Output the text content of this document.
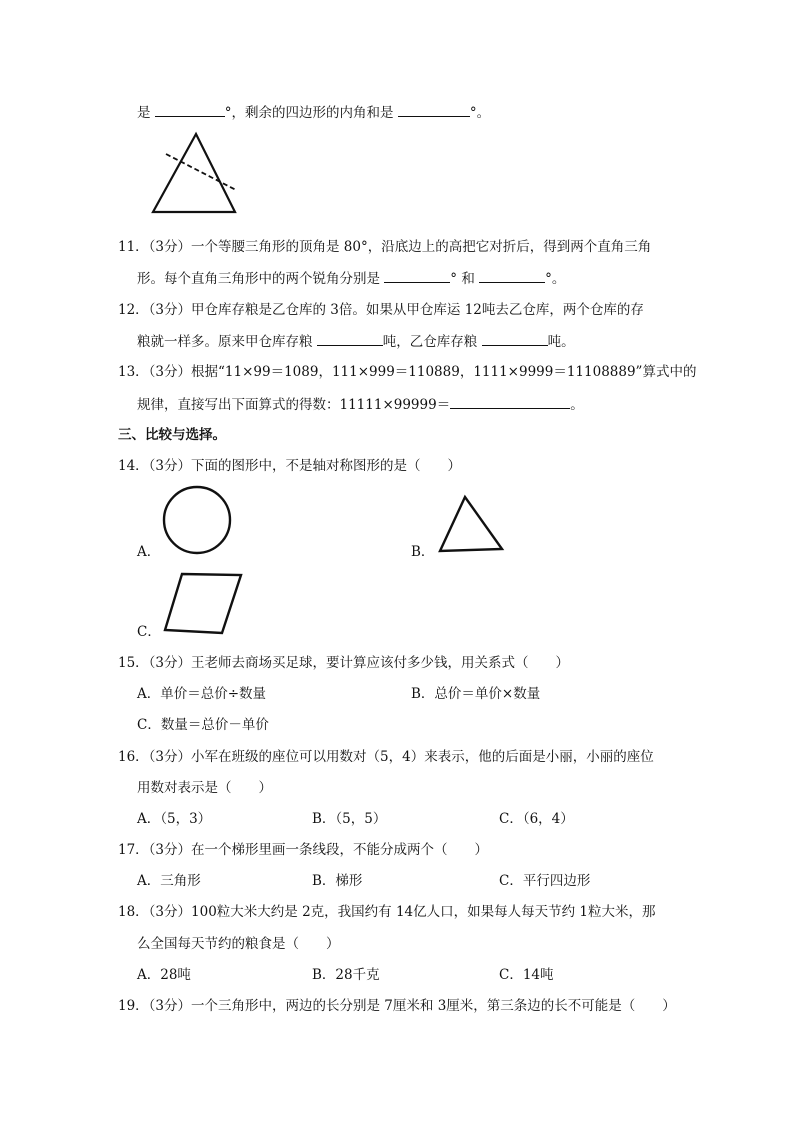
是	°，剩余的四边形的内角和是	°。
11．（3分）一个等腰三角形的顶角是 80°，沿底边上的高把它对折后，得到两个直角三角
形。每个直角三角形中的两个锐角分别是	° 和	°。
12．（3分）甲仓库存粮是乙仓库的 3倍。如果从甲仓库运 12吨去乙仓库，两个仓库的存
粮就一样多。原来甲仓库存粮	吨，乙仓库存粮	吨。
13．（3分）根据“11×99＝1089，111×999＝110889，1111×9999＝11108889”算式中的
规律，直接写出下面算式的得数：11111×99999＝	。
三、比较与选择。
14．（3分）下面的图形中，不是轴对称图形的是（　　）
A．	B．
C．
15．（3分）王老师去商场买足球，要计算应该付多少钱，用关系式（　　）
A．单价＝总价÷数量	B．总价＝单价×数量
C．数量＝总价－单价
16．（3分）小军在班级的座位可以用数对（5，4）来表示，他的后面是小丽，小丽的座位
用数对表示是（　　）
A．（5，3）	B．（5，5）	C．（6，4）
17．（3分）在一个梯形里画一条线段，不能分成两个（　　）
A．三角形	B．梯形	C．平行四边形
18．（3分）100粒大米大约是 2克，我国约有 14亿人口，如果每人每天节约 1粒大米，那
么全国每天节约的粮食是（　　）
A．28吨	B．28千克	C．14吨
19．（3分）一个三角形中，两边的长分别是 7厘米和 3厘米，第三条边的长不可能是（　　）
